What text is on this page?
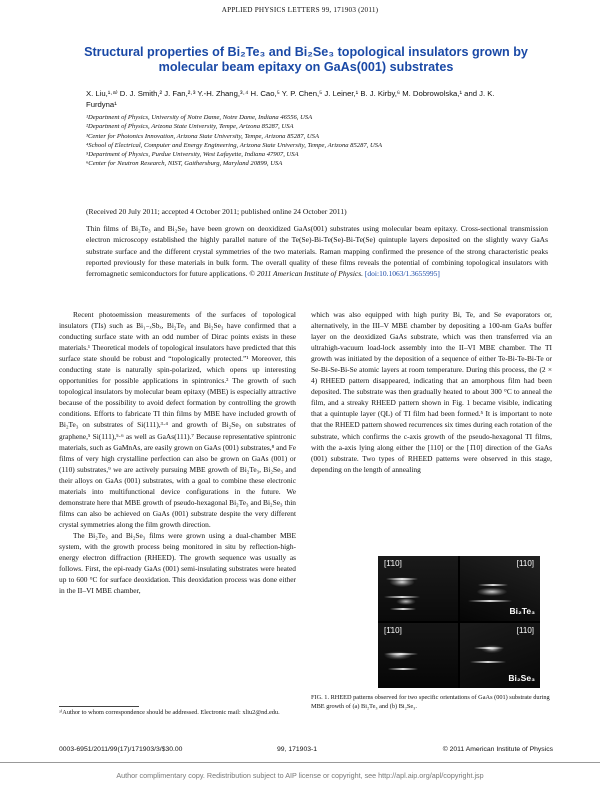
APPLIED PHYSICS LETTERS 99, 171903 (2011)
Structural properties of Bi₂Te₃ and Bi₂Se₃ topological insulators grown by molecular beam epitaxy on GaAs(001) substrates
X. Liu,¹·ᵃ⁾ D. J. Smith,² J. Fan,²·³ Y.-H. Zhang,³·⁴ H. Cao,⁵ Y. P. Chen,⁵ J. Leiner,¹ B. J. Kirby,⁶ M. Dobrowolska,¹ and J. K. Furdyna¹
¹Department of Physics, University of Notre Dame, Notre Dame, Indiana 46556, USA
²Department of Physics, Arizona State University, Tempe, Arizona 85287, USA
³Center for Photonics Innovation, Arizona State University, Tempe, Arizona 85287, USA
⁴School of Electrical, Computer and Energy Engineering, Arizona State University, Tempe, Arizona 85287, USA
⁵Department of Physics, Purdue University, West Lafayette, Indiana 47907, USA
⁶Center for Neutron Research, NIST, Gaithersburg, Maryland 20899, USA
(Received 20 July 2011; accepted 4 October 2011; published online 24 October 2011)
Thin films of Bi₂Te₃ and Bi₂Se₃ have been grown on deoxidized GaAs(001) substrates using molecular beam epitaxy. Cross-sectional transmission electron microscopy established the highly parallel nature of the Te(Se)-Bi-Te(Se)-Bi-Te(Se) quintuple layers deposited on the slightly wavy GaAs substrate surface and the different crystal symmetries of the two materials. Raman mapping confirmed the presence of the strong characteristic peaks reported previously for these materials in bulk form. The overall quality of these films reveals the potential of combining topological insulators with ferromagnetic semiconductors for future applications. © 2011 American Institute of Physics. [doi:10.1063/1.3655995]

Recent photoemission measurements of the surfaces of topological insulators (TIs) such as Bi₁₋ₓSbₓ, Bi₂Te₃ and Bi₂Se₃ have confirmed that a conducting surface state with an odd number of Dirac points exists in these materials.¹ Theoretical models of topological insulators have predicted that this surface state should be robust and “topologically protected.”¹ Moreover, this conducting state is naturally spin-polarized, which opens up interesting opportunities for possible applications in spintronics.² The growth of such topological insulators by molecular beam epitaxy (MBE) is especially attractive because of the possibility to avoid defect formation by controlling the growth conditions. Efforts to fabricate TI thin films by MBE have included growth of Bi₂Te₃ on substrates of Si(111),³·⁴ and growth of Bi₂Se₃ on substrates of graphene,⁵ Si(111),⁵·⁶ as well as GaAs(111).⁷ Because representative spintronic materials, such as GaMnAs, are easily grown on GaAs (001) substrates,⁸ and Fe films of very high crystalline perfection can also be grown on GaAs (001) or (110) substrates,⁹ we are actively pursuing MBE growth of Bi₂Te₃, Bi₂Se₃ and their alloys on GaAs (001) substrates, with a goal to combine these electronic materials into multifunctional device configurations in the future. We demonstrate here that MBE growth of pseudo-hexagonal Bi₂Te₃ and Bi₂Se₃ thin films can also be achieved on GaAs (001) substrate despite the very different crystal symmetries along the film growth direction.

The Bi₂Te₃ and Bi₂Se₃ films were grown using a dual-chamber MBE system, with the growth process being monitored in situ by reflection-high-energy electron diffraction (RHEED). The growth sequence was usually as follows. First, the epi-ready GaAs (001) semi-insulating substrates were heated up to 600 °C for surface deoxidation. This deoxidation process was done either in the II–VI MBE chamber,

which was also equipped with high purity Bi, Te, and Se evaporators or, alternatively, in the III–V MBE chamber by depositing a 100-nm GaAs buffer layer on the deoxidized GaAs substrate, which was then transferred via an ultrahigh-vacuum load-lock assembly into the II–VI MBE chamber. The TI growth was initiated by the deposition of a sequence of either Te-Bi-Te-Bi-Te or Se-Bi-Se-Bi-Se atomic layers at room temperature. During this process, the (2 × 4) RHEED pattern disappeared, indicating that an amorphous film had been deposited. The substrate was then gradually heated to about 300 °C to anneal the film, and a streaky RHEED pattern shown in Fig. 1 became visible, indicating that a quintuple layer (QL) of TI film had been formed.⁵ It is important to note that the RHEED pattern showed recurrences six times during each rotation of the substrate, which confirms the c-axis growth of the pseudo-hexagonal TI films, with the a-axis lying along either the [110] or the [1̄10] direction of the GaAs (001) substrate. Two types of RHEED patterns were observed in this stage, depending on the length of annealing

[1̄10]	[110]
Bi₂Te₃
[1̄10]	[110]
Bi₂Se₃
FIG. 1. RHEED patterns observed for two specific orientations of GaAs (001) substrate during MBE growth of (a) Bi₂Te₃ and (b) Bi₂Se₃.
ᵃ⁾Author to whom correspondence should be addressed. Electronic mail: xliu2@nd.edu.
0003-6951/2011/99(17)/171903/3/$30.00	99, 171903-1	© 2011 American Institute of Physics
Author complimentary copy. Redistribution subject to AIP license or copyright, see http://apl.aip.org/apl/copyright.jsp
